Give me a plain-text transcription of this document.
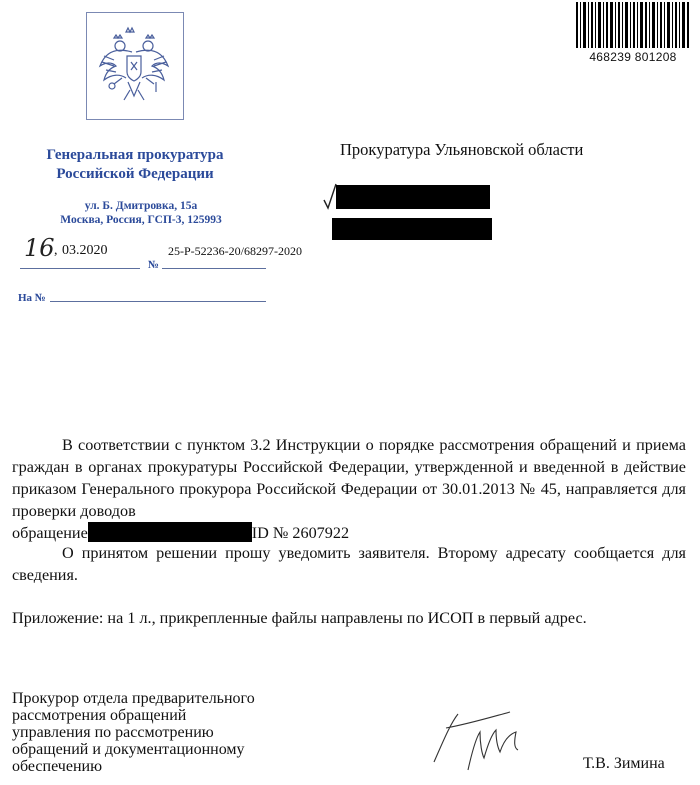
Генеральная прокуратура
Российской Федерации
ул. Б. Дмитровка, 15а
Москва, Россия, ГСП-3, 125993
16 , 03.2020	25-Р-52236-20/68297-2020
№
На №
468239 801208
Прокуратура Ульяновской области
В соответствии с пунктом 3.2 Инструкции о порядке рассмотрения обращений и приема граждан в органах прокуратуры Российской Федерации, утвержденной и введенной в действие приказом Генерального прокурора Российской Федерации от 30.01.2013 № 45, направляется для проверки доводов
обращение	ID № 2607922
О принятом решении прошу уведомить заявителя. Второму адресату сообщается для сведения.
Приложение: на 1 л., прикрепленные файлы направлены по ИСОП в первый адрес.
Прокурор отдела предварительного
рассмотрения обращений
управления по рассмотрению
обращений и документационному
обеспечению	Т.В. Зимина
